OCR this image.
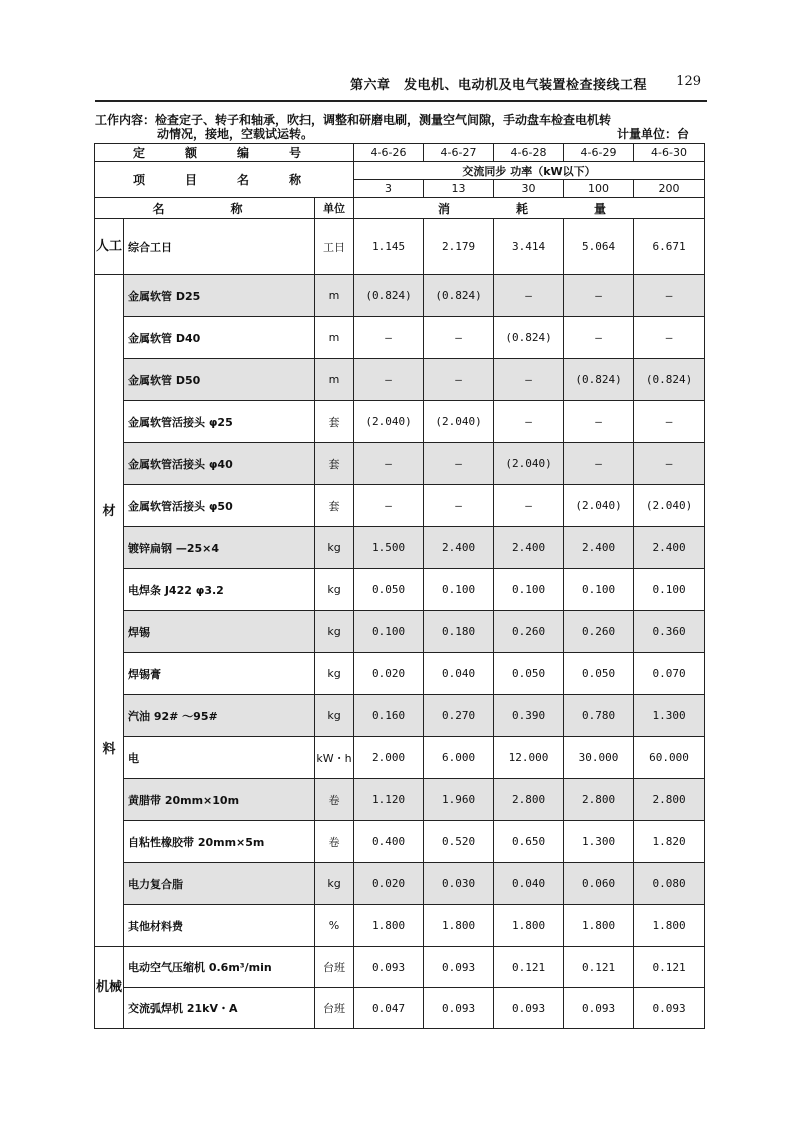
第六章　发电机、电动机及电气装置检查接线工程 129
工作内容：检查定子、转子和轴承，吹扫，调整和研磨电刷，测量空气间隙，手动盘车检查电机转
动情况，接地，空载试运转。	计量单位：台
定　额　编　号			4-6-26	4-6-27	4-6-28	4-6-29	4-6-30
项　目　名　称			交流同步 功率（kW以下）				
			3	13	30	100	200
名　　称		单位	消　　耗　　量				
人工	综合工日	工日	1.145	2.179	3.414	5.064	6.671

材
料	金属软管 D25	m	(0.824)	(0.824)	—	—	—
	金属软管 D40	m	—	—	(0.824)	—	—
	金属软管 D50	m	—	—	—	(0.824)	(0.824)
	金属软管活接头 φ25	套	(2.040)	(2.040)	—	—	—
	金属软管活接头 φ40	套	—	—	(2.040)	—	—
	金属软管活接头 φ50	套	—	—	—	(2.040)	(2.040)
	镀锌扁钢 —25×4	kg	1.500	2.400	2.400	2.400	2.400
	电焊条 J422 φ3.2	kg	0.050	0.100	0.100	0.100	0.100
	焊锡	kg	0.100	0.180	0.260	0.260	0.360
	焊锡膏	kg	0.020	0.040	0.050	0.050	0.070
	汽油 92# ～95#	kg	0.160	0.270	0.390	0.780	1.300
	电	kW・h	2.000	6.000	12.000	30.000	60.000
	黄腊带 20mm×10m	卷	1.120	1.960	2.800	2.800	2.800
	自粘性橡胶带 20mm×5m	卷	0.400	0.520	0.650	1.300	1.820
	电力复合脂	kg	0.020	0.030	0.040	0.060	0.080
	其他材料费	%	1.800	1.800	1.800	1.800	1.800
机械	电动空气压缩机 0.6m³/min	台班	0.093	0.093	0.121	0.121	0.121
	交流弧焊机 21kV・A	台班	0.047	0.093	0.093	0.093	0.093
